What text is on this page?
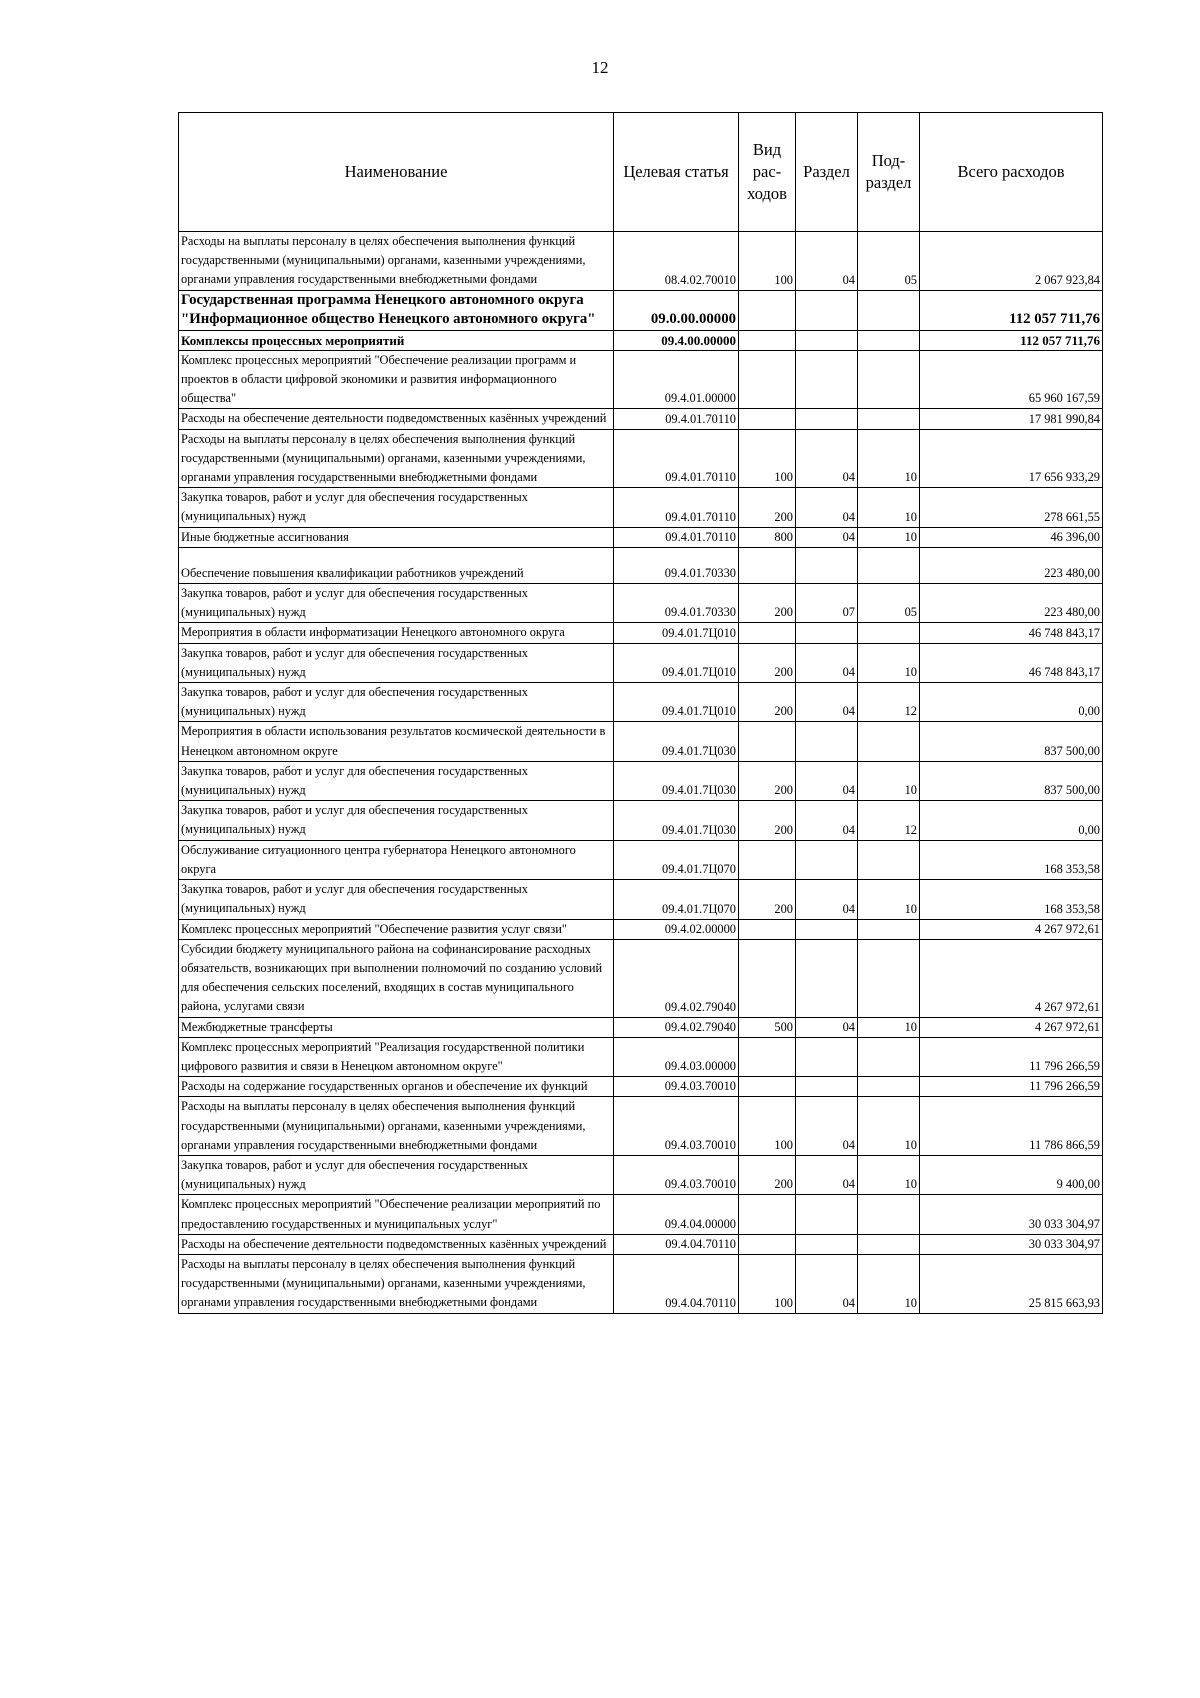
12
Наименование	Целевая статья	Вид рас-ходов	Раздел	Под-раздел	Всего расходов
Расходы на выплаты персоналу в целях обеспечения выполнения функций государственными (муниципальными) органами, казенными учреждениями, органами управления государственными внебюджетными фондами	08.4.02.70010	100	04	05	2 067 923,84
Государственная программа Ненецкого автономного округа "Информационное общество Ненецкого автономного округа"	09.0.00.00000				112 057 711,76
Комплексы процессных мероприятий	09.4.00.00000				112 057 711,76
Комплекс процессных мероприятий "Обеспечение реализации программ и проектов в области цифровой экономики и развития информационного общества"	09.4.01.00000				65 960 167,59
Расходы на обеспечение деятельности подведомственных казённых учреждений	09.4.01.70110				17 981 990,84
Расходы на выплаты персоналу в целях обеспечения выполнения функций государственными (муниципальными) органами, казенными учреждениями, органами управления государственными внебюджетными фондами	09.4.01.70110	100	04	10	17 656 933,29
Закупка товаров, работ и услуг для обеспечения государственных (муниципальных) нужд	09.4.01.70110	200	04	10	278 661,55
Иные бюджетные ассигнования	09.4.01.70110	800	04	10	46 396,00
Обеспечение повышения квалификации работников учреждений	09.4.01.70330				223 480,00
Закупка товаров, работ и услуг для обеспечения государственных (муниципальных) нужд	09.4.01.70330	200	07	05	223 480,00
Мероприятия в области информатизации Ненецкого автономного округа	09.4.01.7Ц010				46 748 843,17
Закупка товаров, работ и услуг для обеспечения государственных (муниципальных) нужд	09.4.01.7Ц010	200	04	10	46 748 843,17
Закупка товаров, работ и услуг для обеспечения государственных (муниципальных) нужд	09.4.01.7Ц010	200	04	12	0,00
Мероприятия в области использования результатов космической деятельности в Ненецком автономном округе	09.4.01.7Ц030				837 500,00
Закупка товаров, работ и услуг для обеспечения государственных (муниципальных) нужд	09.4.01.7Ц030	200	04	10	837 500,00
Закупка товаров, работ и услуг для обеспечения государственных (муниципальных) нужд	09.4.01.7Ц030	200	04	12	0,00
Обслуживание ситуационного центра губернатора Ненецкого автономного округа	09.4.01.7Ц070				168 353,58
Закупка товаров, работ и услуг для обеспечения государственных (муниципальных) нужд	09.4.01.7Ц070	200	04	10	168 353,58
Комплекс процессных мероприятий "Обеспечение развития услуг связи"	09.4.02.00000				4 267 972,61
Субсидии бюджету муниципального района на софинансирование расходных обязательств, возникающих при выполнении полномочий по созданию условий для обеспечения сельских поселений, входящих в состав муниципального района, услугами связи	09.4.02.79040				4 267 972,61
Межбюджетные трансферты	09.4.02.79040	500	04	10	4 267 972,61
Комплекс процессных мероприятий "Реализация государственной политики цифрового развития и связи в Ненецком автономном округе"	09.4.03.00000				11 796 266,59
Расходы на содержание государственных органов и обеспечение их функций	09.4.03.70010				11 796 266,59
Расходы на выплаты персоналу в целях обеспечения выполнения функций государственными (муниципальными) органами, казенными учреждениями, органами управления государственными внебюджетными фондами	09.4.03.70010	100	04	10	11 786 866,59
Закупка товаров, работ и услуг для обеспечения государственных (муниципальных) нужд	09.4.03.70010	200	04	10	9 400,00
Комплекс процессных мероприятий "Обеспечение реализации мероприятий по предоставлению государственных и муниципальных услуг"	09.4.04.00000				30 033 304,97
Расходы на обеспечение деятельности подведомственных казённых учреждений	09.4.04.70110				30 033 304,97
Расходы на выплаты персоналу в целях обеспечения выполнения функций государственными (муниципальными) органами, казенными учреждениями, органами управления государственными внебюджетными фондами	09.4.04.70110	100	04	10	25 815 663,93
